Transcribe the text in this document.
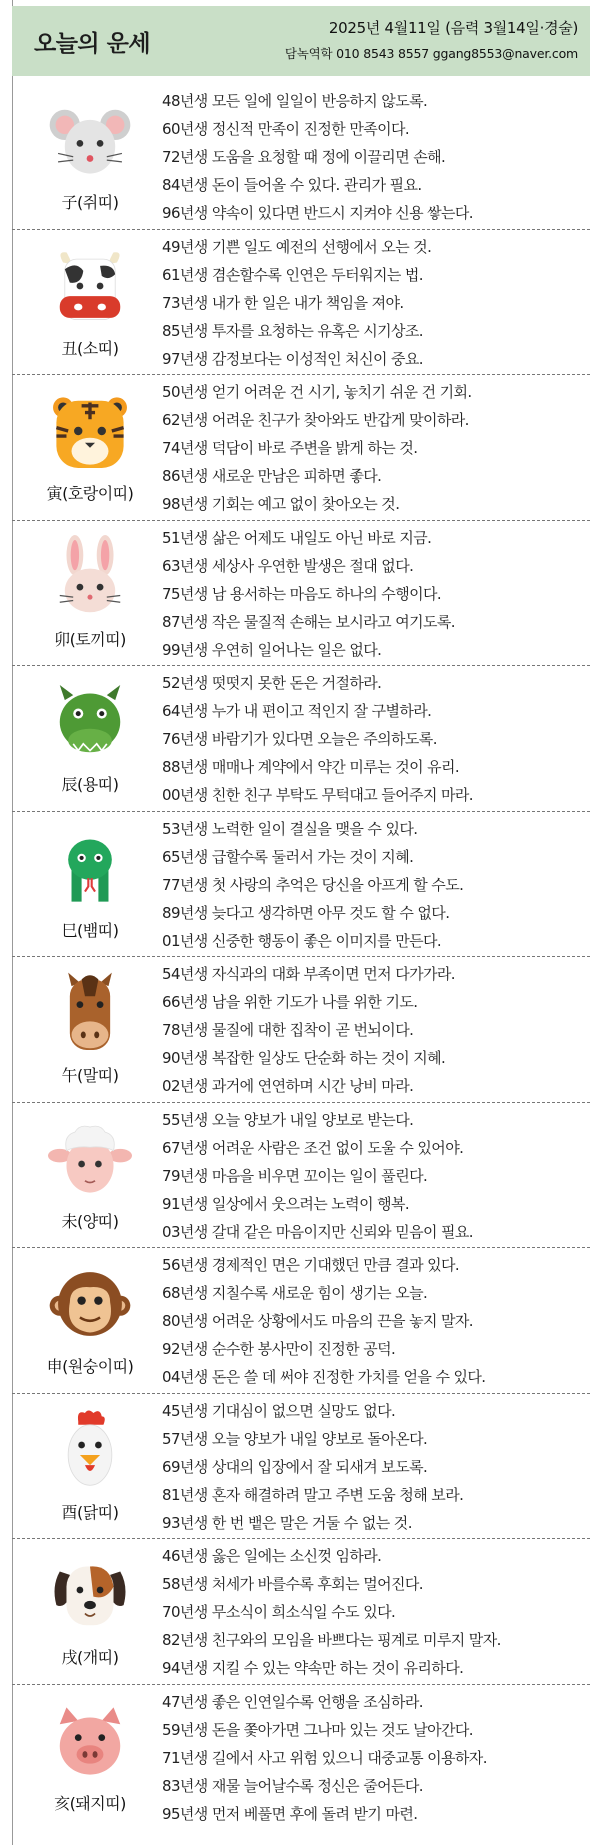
오늘의 운세
2025년 4월11일 (음력 3월14일·경술)
담녹역학 010 8543 8557 ggang8553@naver.com
子(쥐띠)
48년생 모든 일에 일일이 반응하지 않도록.
60년생 정신적 만족이 진정한 만족이다.
72년생 도움을 요청할 때 정에 이끌리면 손해.
84년생 돈이 들어올 수 있다. 관리가 필요.
96년생 약속이 있다면 반드시 지켜야 신용 쌓는다.
丑(소띠)
49년생 기쁜 일도 예전의 선행에서 오는 것.
61년생 겸손할수록 인연은 두터워지는 법.
73년생 내가 한 일은 내가 책임을 져야.
85년생 투자를 요청하는 유혹은 시기상조.
97년생 감정보다는 이성적인 처신이 중요.
寅(호랑이띠)
50년생 얻기 어려운 건 시기, 놓치기 쉬운 건 기회.
62년생 어려운 친구가 찾아와도 반갑게 맞이하라.
74년생 덕담이 바로 주변을 밝게 하는 것.
86년생 새로운 만남은 피하면 좋다.
98년생 기회는 예고 없이 찾아오는 것.
卯(토끼띠)
51년생 삶은 어제도 내일도 아닌 바로 지금.
63년생 세상사 우연한 발생은 절대 없다.
75년생 남 용서하는 마음도 하나의 수행이다.
87년생 작은 물질적 손해는 보시라고 여기도록.
99년생 우연히 일어나는 일은 없다.
辰(용띠)
52년생 떳떳지 못한 돈은 거절하라.
64년생 누가 내 편이고 적인지 잘 구별하라.
76년생 바람기가 있다면 오늘은 주의하도록.
88년생 매매나 계약에서 약간 미루는 것이 유리.
00년생 친한 친구 부탁도 무턱대고 들어주지 마라.
巳(뱀띠)
53년생 노력한 일이 결실을 맺을 수 있다.
65년생 급할수록 둘러서 가는 것이 지혜.
77년생 첫 사랑의 추억은 당신을 아프게 할 수도.
89년생 늦다고 생각하면 아무 것도 할 수 없다.
01년생 신중한 행동이 좋은 이미지를 만든다.
午(말띠)
54년생 자식과의 대화 부족이면 먼저 다가가라.
66년생 남을 위한 기도가 나를 위한 기도.
78년생 물질에 대한 집착이 곧 번뇌이다.
90년생 복잡한 일상도 단순화 하는 것이 지혜.
02년생 과거에 연연하며 시간 낭비 마라.
未(양띠)
55년생 오늘 양보가 내일 양보로 받는다.
67년생 어려운 사람은 조건 없이 도울 수 있어야.
79년생 마음을 비우면 꼬이는 일이 풀린다.
91년생 일상에서 웃으려는 노력이 행복.
03년생 갈대 같은 마음이지만 신뢰와 믿음이 필요.
申(원숭이띠)
56년생 경제적인 면은 기대했던 만큼 결과 있다.
68년생 지칠수록 새로운 힘이 생기는 오늘.
80년생 어려운 상황에서도 마음의 끈을 놓지 말자.
92년생 순수한 봉사만이 진정한 공덕.
04년생 돈은 쓸 데 써야 진정한 가치를 얻을 수 있다.
酉(닭띠)
45년생 기대심이 없으면 실망도 없다.
57년생 오늘 양보가 내일 양보로 돌아온다.
69년생 상대의 입장에서 잘 되새겨 보도록.
81년생 혼자 해결하려 말고 주변 도움 청해 보라.
93년생 한 번 뱉은 말은 거둘 수 없는 것.
戌(개띠)
46년생 옳은 일에는 소신껏 임하라.
58년생 처세가 바를수록 후회는 멀어진다.
70년생 무소식이 희소식일 수도 있다.
82년생 친구와의 모임을 바쁘다는 핑계로 미루지 말자.
94년생 지킬 수 있는 약속만 하는 것이 유리하다.
亥(돼지띠)
47년생 좋은 인연일수록 언행을 조심하라.
59년생 돈을 쫓아가면 그나마 있는 것도 날아간다.
71년생 길에서 사고 위험 있으니 대중교통 이용하자.
83년생 재물 늘어날수록 정신은 줄어든다.
95년생 먼저 베풀면 후에 돌려 받기 마련.
